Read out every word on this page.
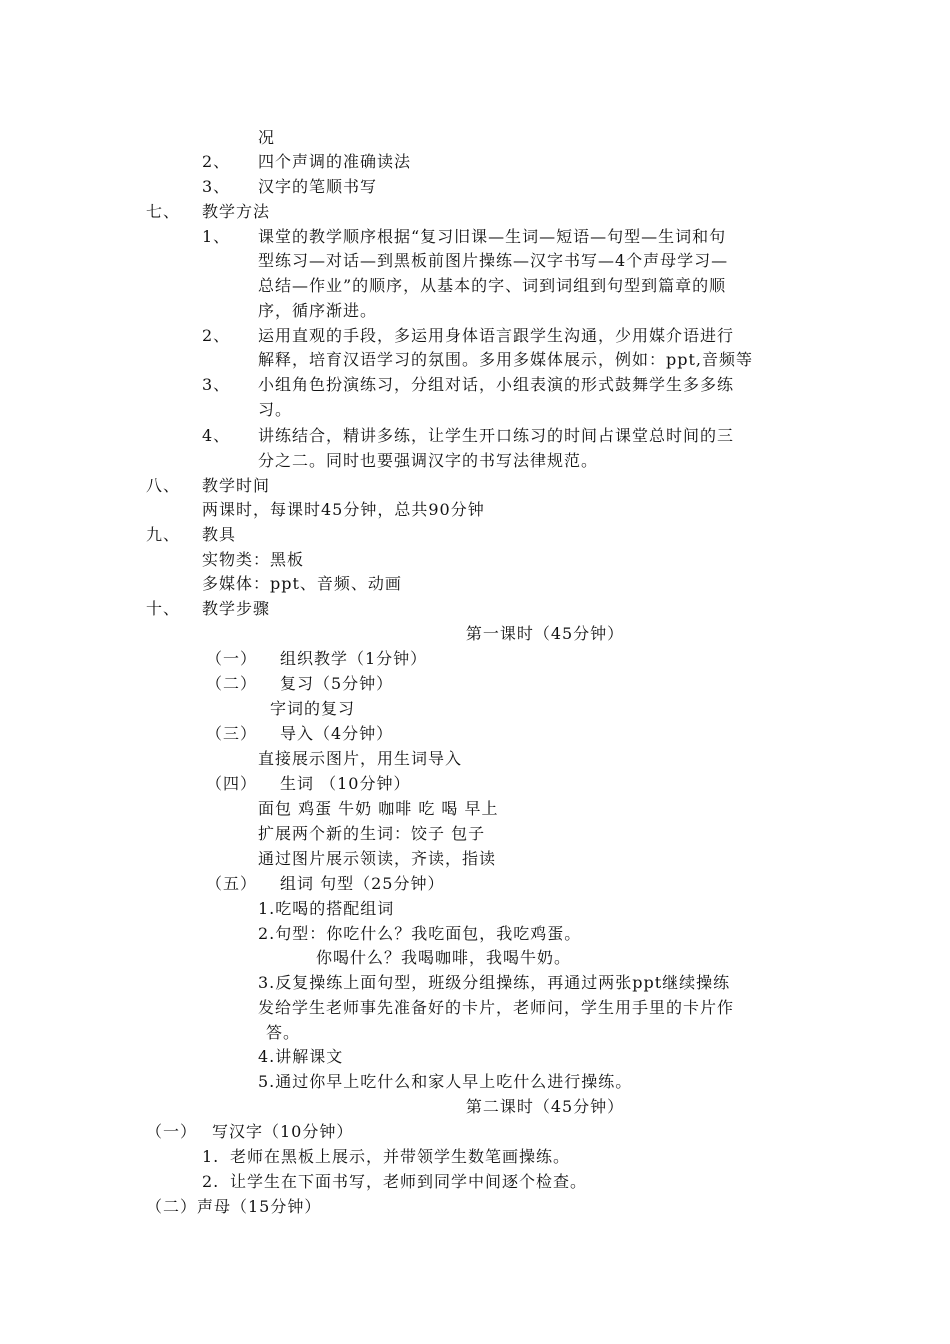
况
2、 四个声调的准确读法
3、 汉字的笔顺书写
七、 教学方法
1、 课堂的教学顺序根据“复习旧课—生词—短语—句型—生词和句
型练习—对话—到黑板前图片操练—汉字书写—4个声母学习—
总结—作业”的顺序，从基本的字、词到词组到句型到篇章的顺
序，循序渐进。
2、 运用直观的手段，多运用身体语言跟学生沟通，少用媒介语进行
解释，培育汉语学习的氛围。多用多媒体展示，例如：ppt,音频等
3、 小组角色扮演练习，分组对话，小组表演的形式鼓舞学生多多练
习。
4、 讲练结合，精讲多练，让学生开口练习的时间占课堂总时间的三
分之二。同时也要强调汉字的书写法律规范。
八、 教学时间
两课时，每课时45分钟，总共90分钟
九、 教具
实物类：黑板
多媒体：ppt、音频、动画
十、 教学步骤
第一课时（45分钟）
（一） 组织教学（1分钟）
（二） 复习（5分钟）
字词的复习
（三） 导入（4分钟）
直接展示图片，用生词导入
（四） 生词 （10分钟）
面包 鸡蛋 牛奶 咖啡 吃 喝 早上
扩展两个新的生词：饺子 包子
通过图片展示领读，齐读，指读
（五） 组词 句型（25分钟）
1.吃喝的搭配组词
2.句型：你吃什么？我吃面包，我吃鸡蛋。
你喝什么？我喝咖啡，我喝牛奶。
3.反复操练上面句型，班级分组操练，再通过两张ppt继续操练
发给学生老师事先准备好的卡片，老师问，学生用手里的卡片作
答。
4.讲解课文
5.通过你早上吃什么和家人早上吃什么进行操练。
第二课时（45分钟）
（一） 写汉字（10分钟）
1. 老师在黑板上展示，并带领学生数笔画操练。
2. 让学生在下面书写，老师到同学中间逐个检查。
（二）声母（15分钟）
